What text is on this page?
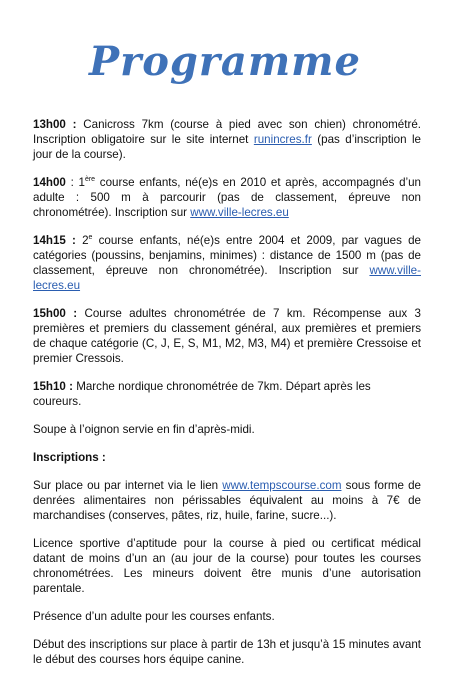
Programme

13h00 : Canicross 7km (course à pied avec son chien) chronométré. Inscription obligatoire sur le site internet runincres.fr (pas d’inscription le jour de la course).

14h00 : 1ère course enfants, né(e)s en 2010 et après, accompagnés d’un adulte : 500 m à parcourir (pas de classement, épreuve non chronométrée). Inscription sur www.ville-lecres.eu

14h15 : 2e course enfants, né(e)s entre 2004 et 2009, par vagues de catégories (poussins, benjamins, minimes) : distance de 1500 m (pas de classement, épreuve non chronométrée). Inscription sur www.ville-lecres.eu

15h00 : Course adultes chronométrée de 7 km. Récompense aux 3 premières et premiers du classement général, aux premières et premiers de chaque catégorie (C, J, E, S, M1, M2, M3, M4) et première Cressoise et premier Cressois.

15h10 : Marche nordique chronométrée de 7km. Départ après les coureurs.

Soupe à l’oignon servie en fin d’après-midi.

Inscriptions :

Sur place ou par internet via le lien www.tempscourse.com sous forme de denrées alimentaires non périssables équivalent au moins à 7€ de marchandises (conserves, pâtes, riz, huile, farine, sucre...).

Licence sportive d’aptitude pour la course à pied ou certificat médical datant de moins d’un an (au jour de la course) pour toutes les courses chronométrées. Les mineurs doivent être munis d’une autorisation parentale.

Présence d’un adulte pour les courses enfants.

Début des inscriptions sur place à partir de 13h et jusqu’à 15 minutes avant le début des courses hors équipe canine.
